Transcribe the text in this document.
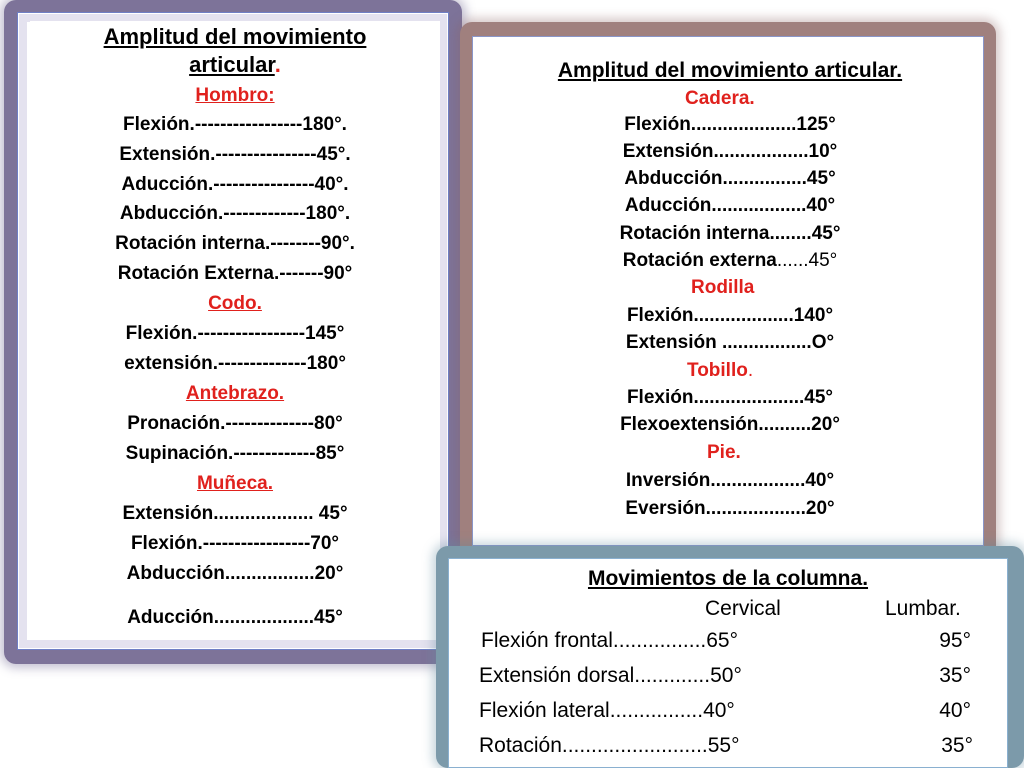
Amplitud del movimiento
articular.
Hombro:
Flexión.-----------------180°.
Extensión.----------------45°.
Aducción.----------------40°.
Abducción.-------------180°.
Rotación interna.--------90°.
Rotación Externa.-------90°
Codo.
Flexión.-----------------145°
extensión.--------------180°
Antebrazo.
Pronación.--------------80°
Supinación.-------------85°
Muñeca.
Extensión................... 45°
Flexión.-----------------70°
Abducción.................20°
Aducción...................45°
Amplitud del movimiento articular.
Cadera.
Flexión....................125°
Extensión..................10°
Abducción................45°
Aducción..................40°
Rotación interna........45°
Rotación externa......45°
Rodilla
Flexión...................140°
Extensión .................O°
Tobillo.
Flexión.....................45°
Flexoextensión..........20°
Pie.
Inversión..................40°
Eversión...................20°
Movimientos de la columna.
Cervical	Lumbar.
Flexión frontal................65°	95°
Extensión dorsal.............50°	35°
Flexión lateral................40°	40°
Rotación.........................55°	35°
